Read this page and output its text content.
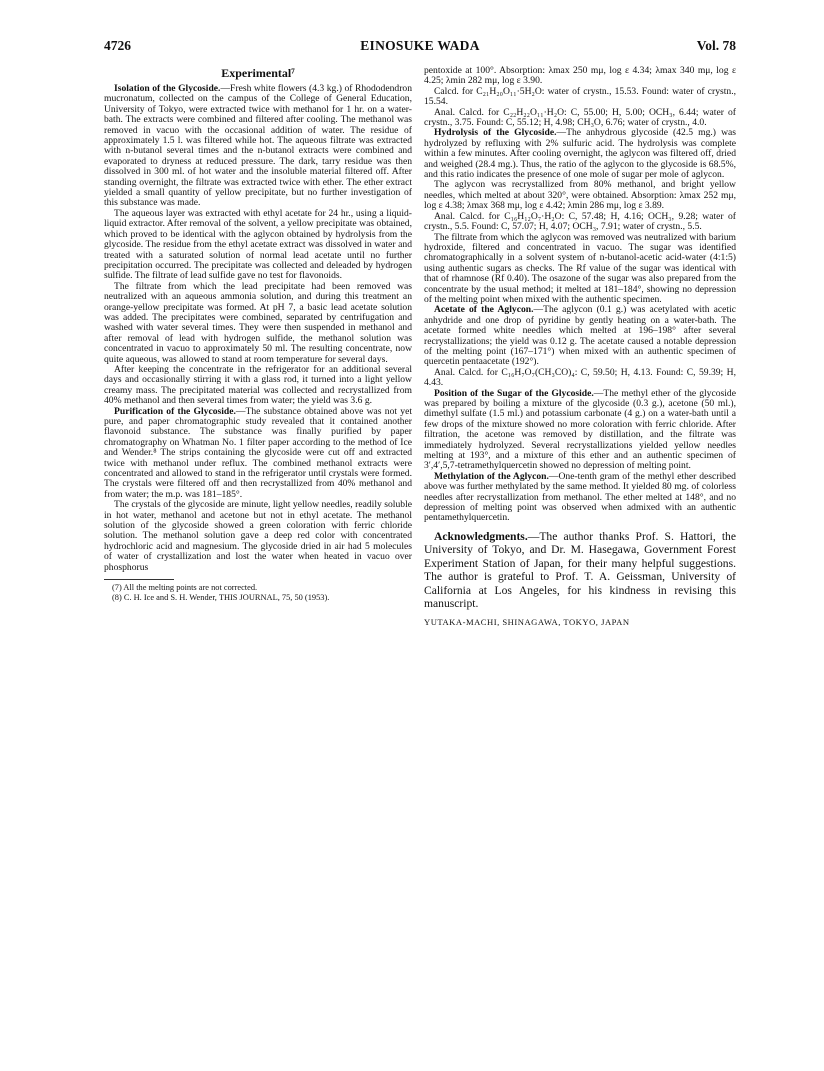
4726	EINOSUKE WADA	Vol. 78
Experimental⁷

Isolation of the Glycoside.—Fresh white flowers (4.3 kg.) of Rhododendron mucronatum, collected on the campus of the College of General Education, University of Tokyo, were extracted twice with methanol for 1 hr. on a water-bath. The extracts were combined and filtered after cooling. The methanol was removed in vacuo with the occasional addition of water. The residue of approximately 1.5 l. was filtered while hot. The aqueous filtrate was extracted with n-butanol several times and the n-butanol extracts were combined and evaporated to dryness at reduced pressure. The dark, tarry residue was then dissolved in 300 ml. of hot water and the insoluble material filtered off. After standing overnight, the filtrate was extracted twice with ether. The ether extract yielded a small quantity of yellow precipitate, but no further investigation of this substance was made.

The aqueous layer was extracted with ethyl acetate for 24 hr., using a liquid-liquid extractor. After removal of the solvent, a yellow precipitate was obtained, which proved to be identical with the aglycon obtained by hydrolysis from the glycoside. The residue from the ethyl acetate extract was dissolved in water and treated with a saturated solution of normal lead acetate until no further precipitation occurred. The precipitate was collected and deleaded by hydrogen sulfide. The filtrate of lead sulfide gave no test for flavonoids.

The filtrate from which the lead precipitate had been removed was neutralized with an aqueous ammonia solution, and during this treatment an orange-yellow precipitate was formed. At pH 7, a basic lead acetate solution was added. The precipitates were combined, separated by centrifugation and washed with water several times. They were then suspended in methanol and after removal of lead with hydrogen sulfide, the methanol solution was concentrated in vacuo to approximately 50 ml. The resulting concentrate, now quite aqueous, was allowed to stand at room temperature for several days.

After keeping the concentrate in the refrigerator for an additional several days and occasionally stirring it with a glass rod, it turned into a light yellow creamy mass. The precipitated material was collected and recrystallized from 40% methanol and then several times from water; the yield was 3.6 g.

Purification of the Glycoside.—The substance obtained above was not yet pure, and paper chromatographic study revealed that it contained another flavonoid substance. The substance was finally purified by paper chromatography on Whatman No. 1 filter paper according to the method of Ice and Wender.⁸ The strips containing the glycoside were cut off and extracted twice with methanol under reflux. The combined methanol extracts were concentrated and allowed to stand in the refrigerator until crystals were formed. The crystals were filtered off and then recrystallized from 40% methanol and from water; the m.p. was 181–185°.

The crystals of the glycoside are minute, light yellow needles, readily soluble in hot water, methanol and acetone but not in ethyl acetate. The methanol solution of the glycoside showed a green coloration with ferric chloride solution. The methanol solution gave a deep red color with concentrated hydrochloric acid and magnesium. The glycoside dried in air had 5 molecules of water of crystallization and lost the water when heated in vacuo over phosphorus

(7) All the melting points are not corrected.

(8) C. H. Ice and S. H. Wender, THIS JOURNAL, 75, 50 (1953).

pentoxide at 100°. Absorption: λmax 250 mμ, log ε 4.34; λmax 340 mμ, log ε 4.25; λmin 282 mμ, log ε 3.90.

Calcd. for C₂₁H₂₀O₁₁·5H₂O: water of crystn., 15.53. Found: water of crystn., 15.54.

Anal. Calcd. for C₂₂H₂₂O₁₁·H₂O: C, 55.00; H, 5.00; OCH₃, 6.44; water of crystn., 3.75. Found: C, 55.12; H, 4.98; CH₃O, 6.76; water of crystn., 4.0.

Hydrolysis of the Glycoside.—The anhydrous glycoside (42.5 mg.) was hydrolyzed by refluxing with 2% sulfuric acid. The hydrolysis was complete within a few minutes. After cooling overnight, the aglycon was filtered off, dried and weighed (28.4 mg.). Thus, the ratio of the aglycon to the glycoside is 68.5%, and this ratio indicates the presence of one mole of sugar per mole of aglycon.

The aglycon was recrystallized from 80% methanol, and bright yellow needles, which melted at about 320°, were obtained. Absorption: λmax 252 mμ, log ε 4.38; λmax 368 mμ, log ε 4.42; λmin 286 mμ, log ε 3.89.

Anal. Calcd. for C₁₆H₁₂O₇·H₂O: C, 57.48; H, 4.16; OCH₃, 9.28; water of crystn., 5.5. Found: C, 57.07; H, 4.07; OCH₃, 7.91; water of crystn., 5.5.

The filtrate from which the aglycon was removed was neutralized with barium hydroxide, filtered and concentrated in vacuo. The sugar was identified chromatographically in a solvent system of n-butanol-acetic acid-water (4:1:5) using authentic sugars as checks. The Rf value of the sugar was identical with that of rhamnose (Rf 0.40). The osazone of the sugar was also prepared from the concentrate by the usual method; it melted at 181–184°, showing no depression of the melting point when mixed with the authentic specimen.

Acetate of the Aglycon.—The aglycon (0.1 g.) was acetylated with acetic anhydride and one drop of pyridine by gently heating on a water-bath. The acetate formed white needles which melted at 196–198° after several recrystallizations; the yield was 0.12 g. The acetate caused a notable depression of the melting point (167–171°) when mixed with an authentic specimen of quercetin pentaacetate (192°).

Anal. Calcd. for C₁₆H₇O₇(CH₃CO)₄: C, 59.50; H, 4.13. Found: C, 59.39; H, 4.43.

Position of the Sugar of the Glycoside.—The methyl ether of the glycoside was prepared by boiling a mixture of the glycoside (0.3 g.), acetone (50 ml.), dimethyl sulfate (1.5 ml.) and potassium carbonate (4 g.) on a water-bath until a few drops of the mixture showed no more coloration with ferric chloride. After filtration, the acetone was removed by distillation, and the filtrate was immediately hydrolyzed. Several recrystallizations yielded yellow needles melting at 193°, and a mixture of this ether and an authentic specimen of 3′,4′,5,7-tetramethylquercetin showed no depression of melting point.

Methylation of the Aglycon.—One-tenth gram of the methyl ether described above was further methylated by the same method. It yielded 80 mg. of colorless needles after recrystallization from methanol. The ether melted at 148°, and no depression of melting point was observed when admixed with an authentic pentamethylquercetin.

Acknowledgments.—The author thanks Prof. S. Hattori, the University of Tokyo, and Dr. M. Hasegawa, Government Forest Experiment Station of Japan, for their many helpful suggestions. The author is grateful to Prof. T. A. Geissman, University of California at Los Angeles, for his kindness in revising this manuscript.

YUTAKA-MACHI, SHINAGAWA, TOKYO, JAPAN
